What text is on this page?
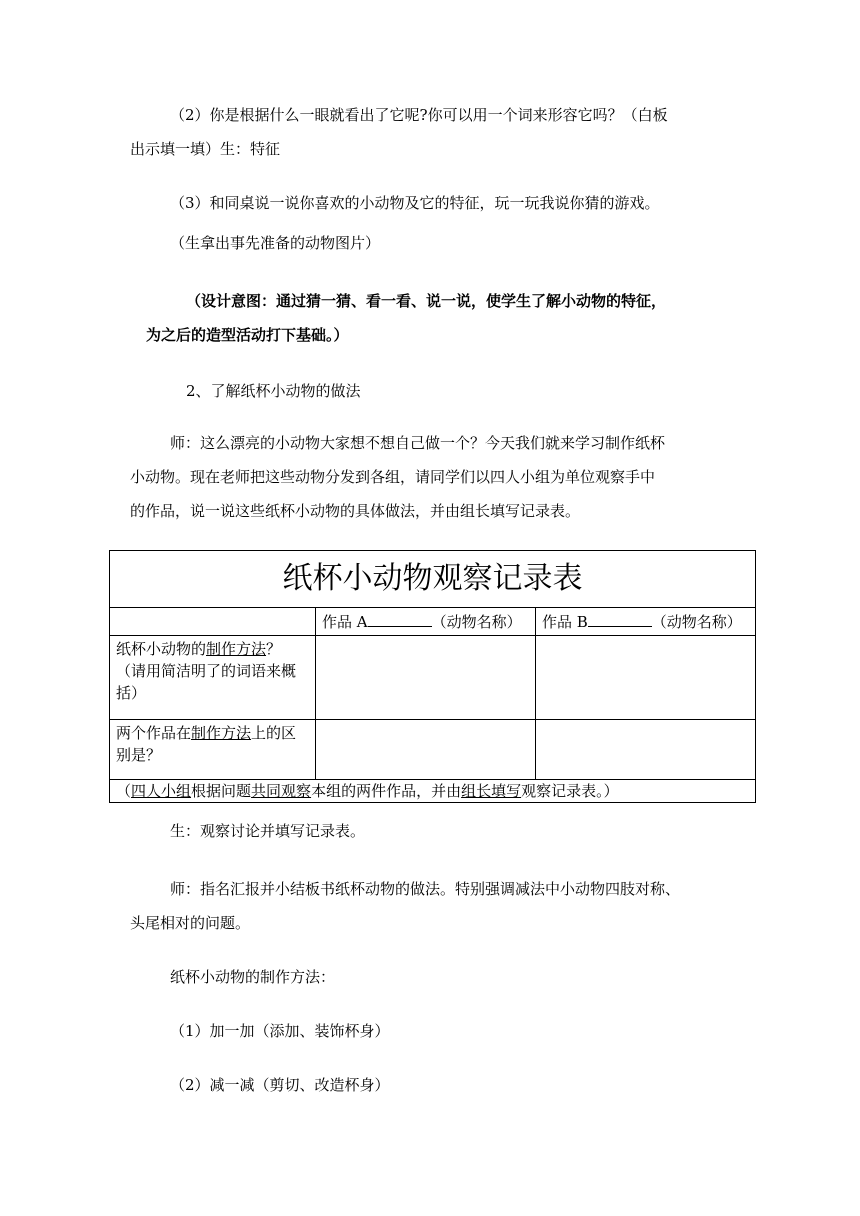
（2）你是根据什么一眼就看出了它呢?你可以用一个词来形容它吗？（白板

出示填一填）生：特征

（3）和同桌说一说你喜欢的小动物及它的特征，玩一玩我说你猜的游戏。

（生拿出事先准备的动物图片）

（设计意图：通过猜一猜、看一看、说一说，使学生了解小动物的特征，

为之后的造型活动打下基础。）

2、了解纸杯小动物的做法

师：这么漂亮的小动物大家想不想自己做一个？今天我们就来学习制作纸杯

小动物。现在老师把这些动物分发到各组，请同学们以四人小组为单位观察手中

的作品，说一说这些纸杯小动物的具体做法，并由组长填写记录表。

纸杯小动物观察记录表		
	作品 A （动物名称）	作品 B （动物名称）
纸杯小动物的制作方法？（请用简洁明了的词语来概括）		
两个作品在制作方法上的区别是？		
（四人小组根据问题共同观察本组的两件作品，并由组长填写观察记录表。）		

生：观察讨论并填写记录表。

师：指名汇报并小结板书纸杯动物的做法。特别强调减法中小动物四肢对称、

头尾相对的问题。

纸杯小动物的制作方法：

（1）加一加（添加、装饰杯身）

（2）减一减（剪切、改造杯身）
